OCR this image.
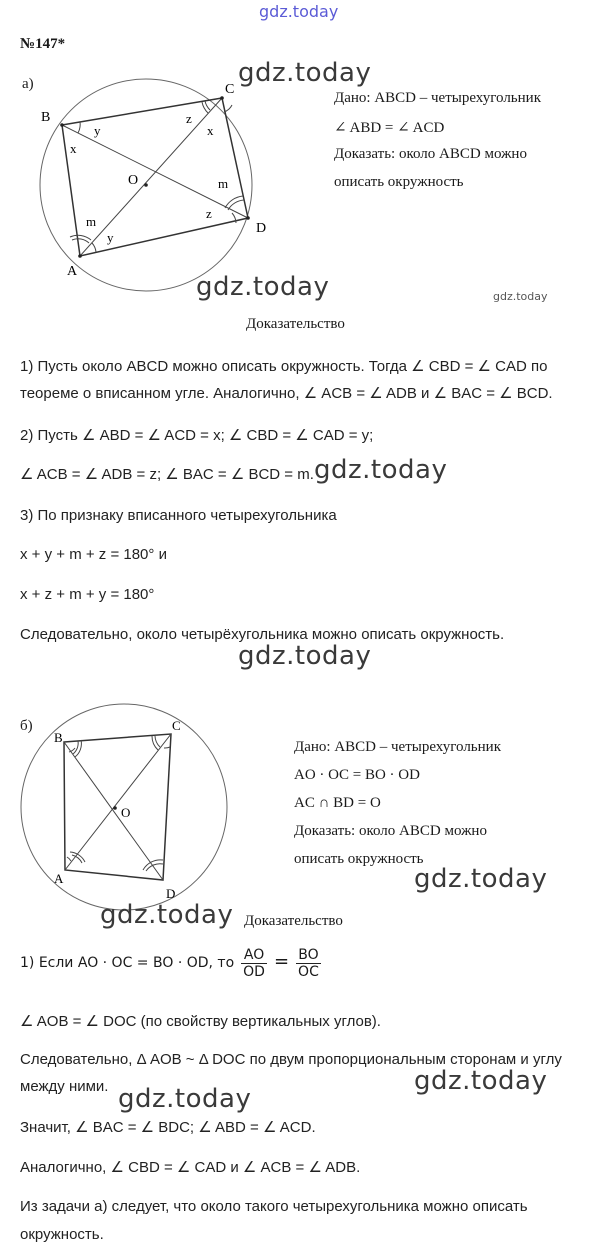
gdz.today
№147*
а)
B
C
D
A
O
y
x
z
x
m
z
m
y
gdz.today
Дано: ABCD – четырехугольник
∠ ABD = ∠ ACD
Доказать: около ABCD можно
описать окружность
gdz.today	gdz.today
Доказательство
1) Пусть около ABCD можно описать окружность. Тогда ∠ CBD = ∠ CAD по
теореме о вписанном угле. Аналогично, ∠ ACB = ∠ ADB и ∠ BAC = ∠ BCD.
2) Пусть ∠ ABD = ∠ ACD = x; ∠ CBD = ∠ CAD = y;
∠ ACB = ∠ ADB = z; ∠ BAC = ∠ BCD = m. gdz.today
3) По признаку вписанного четырехугольника
x + y + m + z = 180° и
x + z + m + y = 180°
Следовательно, около четырёхугольника можно описать окружность.
gdz.today
б)
B
C
D
A
O
Дано: ABCD – четырехугольник
AO · OC = BO · OD
AC ∩ BD = O
Доказать: около ABCD можно
описать окружность
gdz.today
gdz.today Доказательство
1) Если AO · OC = BO · OD, то $\frac{AO}{OD} = \frac{BO}{OC}$
∠ AOB = ∠ DOC (по свойству вертикальных углов).
Следовательно, Δ AOB ~ Δ DOC по двум пропорциональным сторонам и углу
между ними.	gdz.today
gdz.today
Значит, ∠ BAC = ∠ BDC; ∠ ABD = ∠ ACD.
Аналогично, ∠ CBD = ∠ CAD и ∠ ACB = ∠ ADB.
Из задачи а) следует, что около такого четырехугольника можно описать
окружность.
